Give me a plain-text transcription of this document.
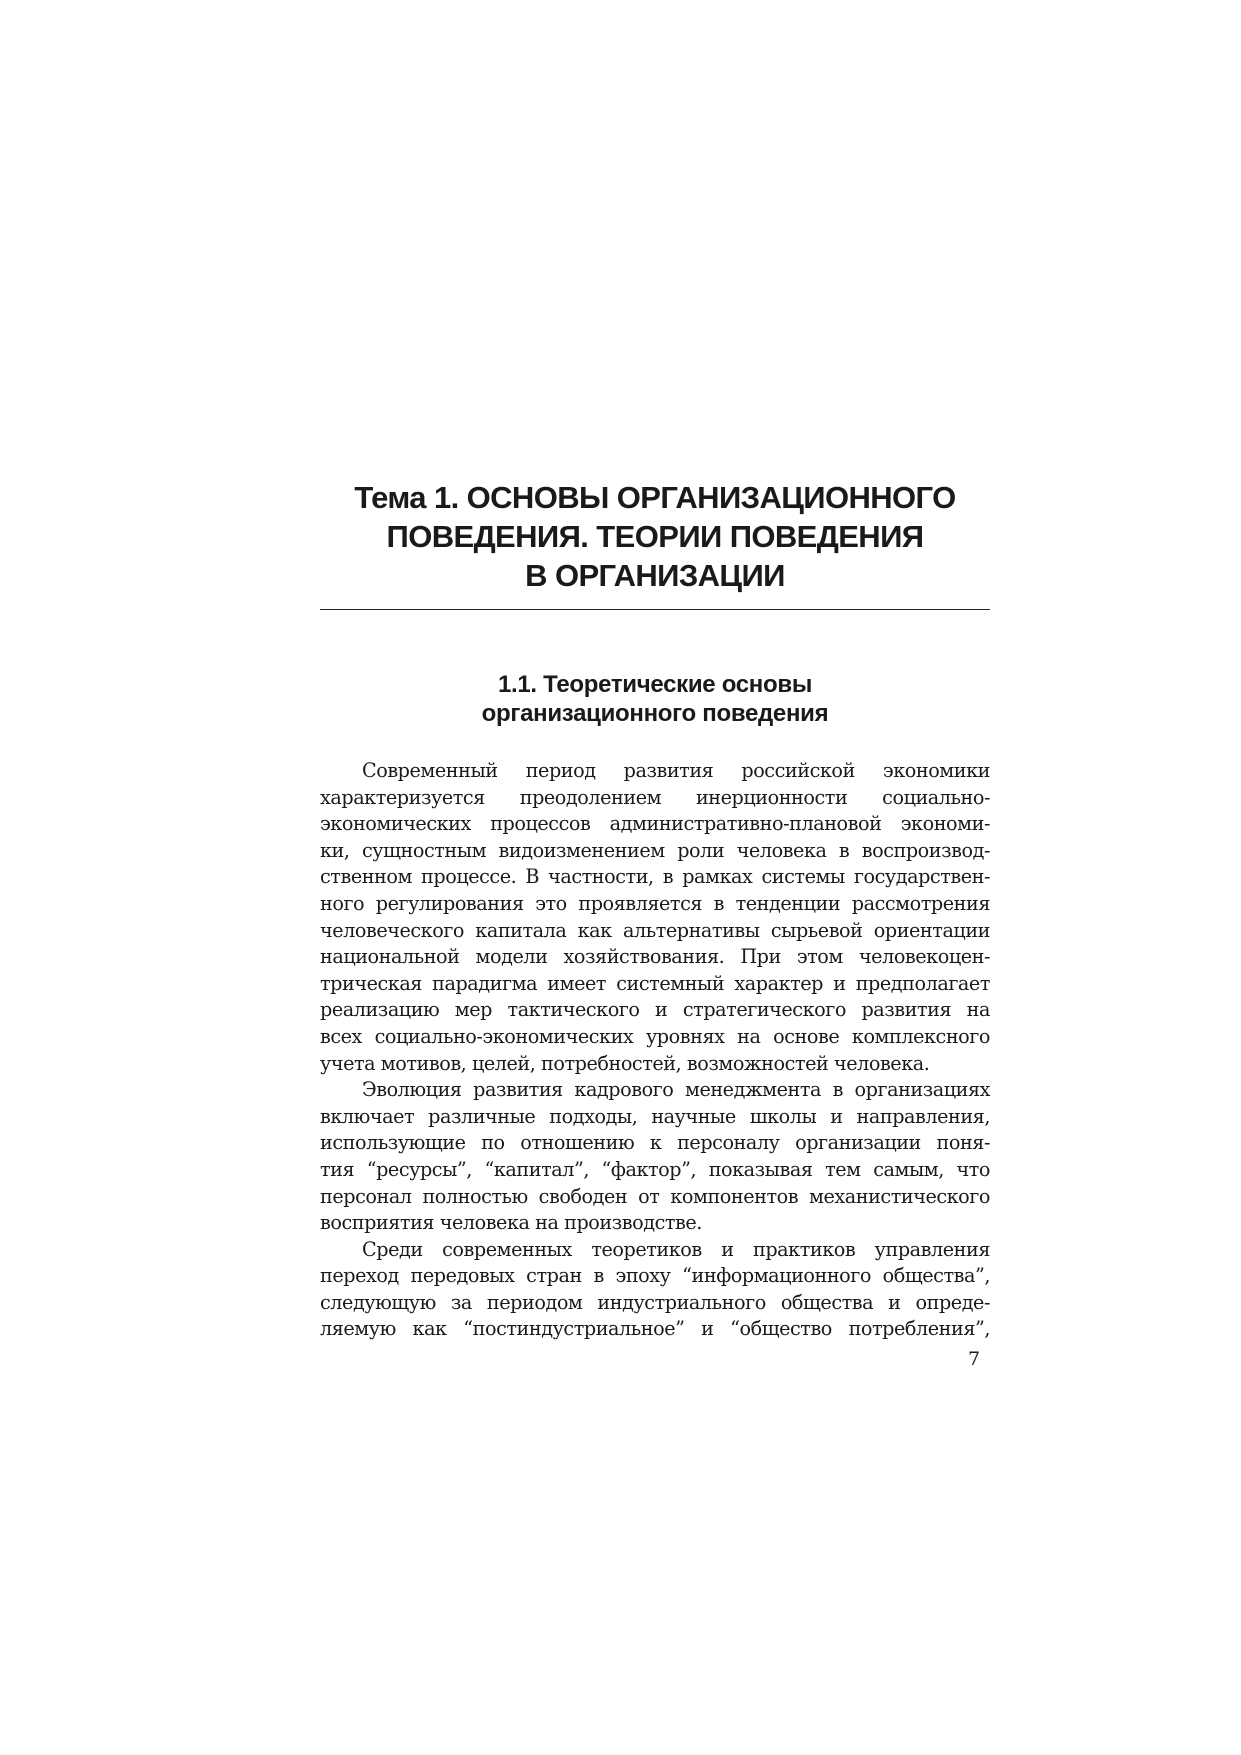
Тема 1. ОСНОВЫ ОРГАНИЗАЦИОННОГО
ПОВЕДЕНИЯ. ТЕОРИИ ПОВЕДЕНИЯ
В ОРГАНИЗАЦИИ
1.1. Теоретические основы
организационного поведения

Современный период развития российской экономики
характеризуется преодолением инерционности социально-
экономических процессов административно-плановой экономи-
ки, сущностным видоизменением роли человека в воспроизвод-
ственном процессе. В частности, в рамках системы государствен-
ного регулирования это проявляется в тенденции рассмотрения
человеческого капитала как альтернативы сырьевой ориентации
национальной модели хозяйствования. При этом человекоцен-
трическая парадигма имеет системный характер и предполагает
реализацию мер тактического и стратегического развития на
всех социально-экономических уровнях на основе комплексного
учета мотивов, целей, потребностей, возможностей человека.

Эволюция развития кадрового менеджмента в организациях
включает различные подходы, научные школы и направления,
использующие по отношению к персоналу организации поня-
тия “ресурсы”, “капитал”, “фактор”, показывая тем самым, что
персонал полностью свободен от компонентов механистического
восприятия человека на производстве.

Среди современных теоретиков и практиков управления
переход передовых стран в эпоху “информационного общества”,
следующую за периодом индустриального общества и опреде-
ляемую как “постиндустриальное” и “общество потребления”,

7
